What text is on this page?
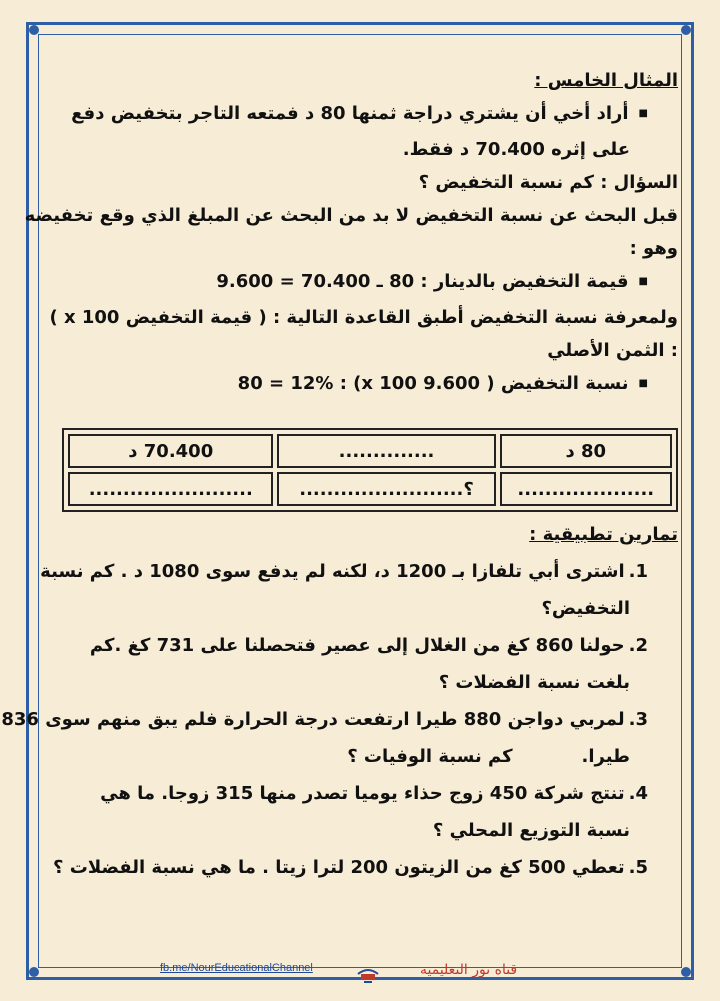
المثال الخامس :
■ أراد أخي أن يشتري دراجة ثمنها 80 د فمتعه التاجر بتخفيض دفع
على إثره 70.400 د فقط.
السؤال : كم نسبة التخفيض ؟
قبل البحث عن نسبة التخفيض لا بد من البحث عن المبلغ الذي وقع تخفيضه
وهو :
■ قيمة التخفيض بالدينار : 80 ـ 70.400 = 9.600
ولمعرفة نسبة التخفيض أطبق القاعدة التالية : ( قيمة التخفيض x 100 )
: الثمن الأصلي
■ نسبة التخفيض ( 9.600 x 100) : 80 = 12%
80 د	..............	70.400 د
....................	؟........................	........................
تمارين تطبيقية :
1.اشترى أبي تلفازا بـ 1200 د، لكنه لم يدفع سوى 1080 د . كم نسبة
التخفيض؟
2.حولنا 860 كغ من الغلال إلى عصير فتحصلنا على 731 كغ .كم
بلغت نسبة الفضلات ؟
3.لمربي دواجن 880 طيرا ارتفعت درجة الحرارة فلم يبق منهم سوى 836
طيرا.           كم نسبة الوفيات ؟
4.تنتج شركة 450 زوج حذاء يوميا تصدر منها 315 زوجا. ما هي
نسبة التوزيع المحلي ؟
5.تعطي 500 كغ من الزيتون 200 لترا زيتا . ما هي نسبة الفضلات ؟
fb.me/NourEducationalChannel	قناة نور التعليمية
